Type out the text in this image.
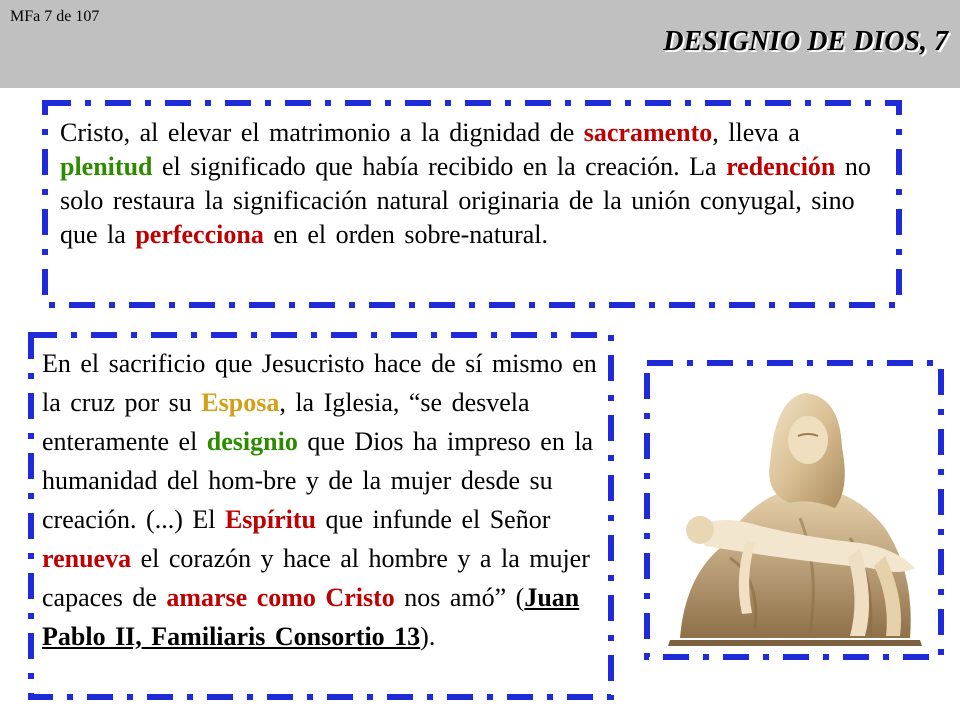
MFa 7 de 107
DESIGNIO DE DIOS, 7
Cristo, al elevar el matrimonio a la dignidad de sacramento, lleva a plenitud el significado que había recibido en la creación. La redención no solo restaura la significación natural originaria de la unión conyugal, sino que la perfecciona en el orden sobre-natural.
En el sacrificio que Jesucristo hace de sí mismo en la cruz por su Esposa, la Iglesia, “se desvela enteramente el designio que Dios ha impreso en la humanidad del hom-bre y de la mujer desde su creación. (...) El Espíritu que infunde el Señor renueva el corazón y hace al hombre y a la mujer capaces de amarse como Cristo nos amó” (Juan Pablo II, Familiaris Consortio 13).
